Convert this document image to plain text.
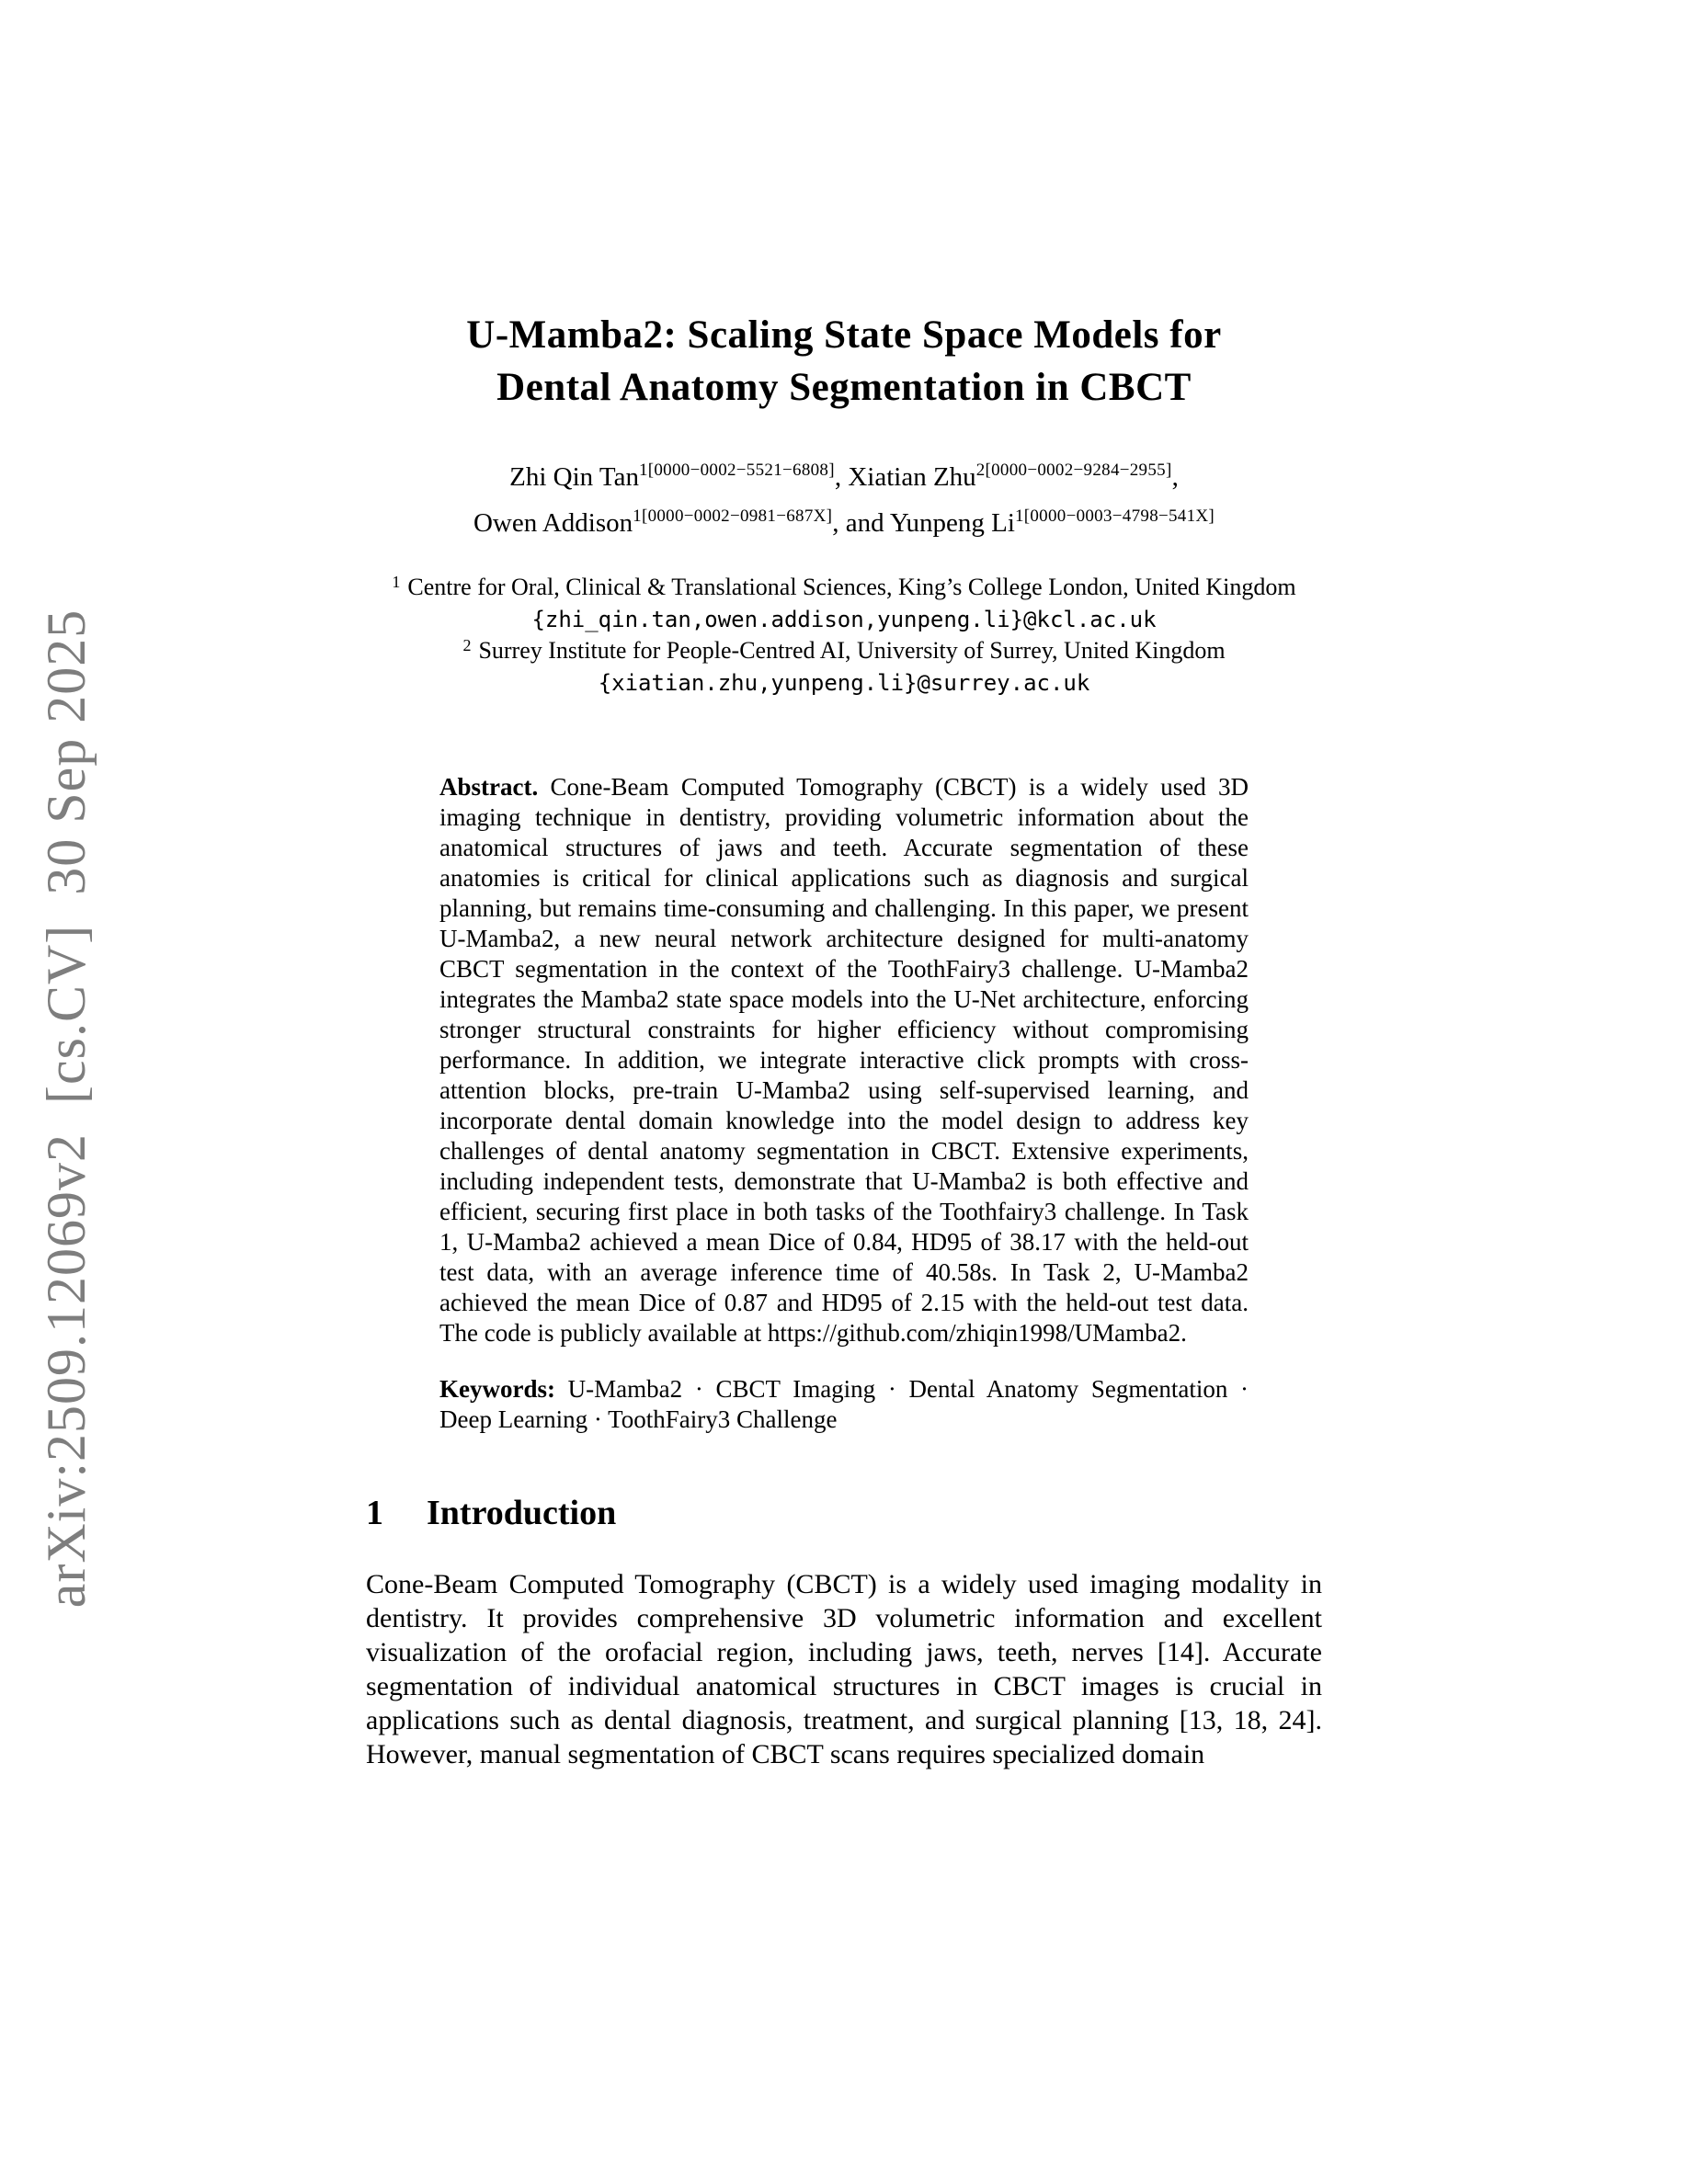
arXiv:2509.12069v2  [cs.CV]  30 Sep 2025
U-Mamba2: Scaling State Space Models for
Dental Anatomy Segmentation in CBCT
Zhi Qin Tan$^{1[0000-0002-5521-6808]}$, Xiatian Zhu$^{2[0000-0002-9284-2955]}$,
Owen Addison$^{1[0000-0002-0981-687X]}$, and Yunpeng $Li^{1[0000-0003-4798-541X]}$
$^1$ Centre for Oral, Clinical & Translational Sciences, King’s College London, United Kingdom
{zhi_qin.tan,owen.addison,yunpeng.li}@kcl.ac.uk
$^2$ Surrey Institute for People-Centred AI, University of Surrey, United Kingdom
{xiatian.zhu,yunpeng.li}@surrey.ac.uk

Abstract. Cone-Beam Computed Tomography (CBCT) is a widely used 3D imaging technique in dentistry, providing volumetric information about the anatomical structures of jaws and teeth. Accurate segmentation of these anatomies is critical for clinical applications such as diagnosis and surgical planning, but remains time-consuming and challenging. In this paper, we present U-Mamba2, a new neural network architecture designed for multi-anatomy CBCT segmentation in the context of the ToothFairy3 challenge. U-Mamba2 integrates the Mamba2 state space models into the U-Net architecture, enforcing stronger structural constraints for higher efficiency without compromising performance. In addition, we integrate interactive click prompts with cross-attention blocks, pre-train U-Mamba2 using self-supervised learning, and incorporate dental domain knowledge into the model design to address key challenges of dental anatomy segmentation in CBCT. Extensive experiments, including independent tests, demonstrate that U-Mamba2 is both effective and efficient, securing first place in both tasks of the Toothfairy3 challenge. In Task 1, U-Mamba2 achieved a mean Dice of 0.84, HD95 of 38.17 with the held-out test data, with an average inference time of 40.58s. In Task 2, U-Mamba2 achieved the mean Dice of 0.87 and HD95 of 2.15 with the held-out test data. The code is publicly available at https://github.com/zhiqin1998/UMamba2.

Keywords: U-Mamba2 · CBCT Imaging · Dental Anatomy Segmentation · Deep Learning · ToothFairy3 Challenge

1 Introduction

Cone-Beam Computed Tomography (CBCT) is a widely used imaging modality in dentistry. It provides comprehensive 3D volumetric information and excellent visualization of the orofacial region, including jaws, teeth, nerves [14]. Accurate segmentation of individual anatomical structures in CBCT images is crucial in applications such as dental diagnosis, treatment, and surgical planning [13, 18, 24]. However, manual segmentation of CBCT scans requires specialized domain
